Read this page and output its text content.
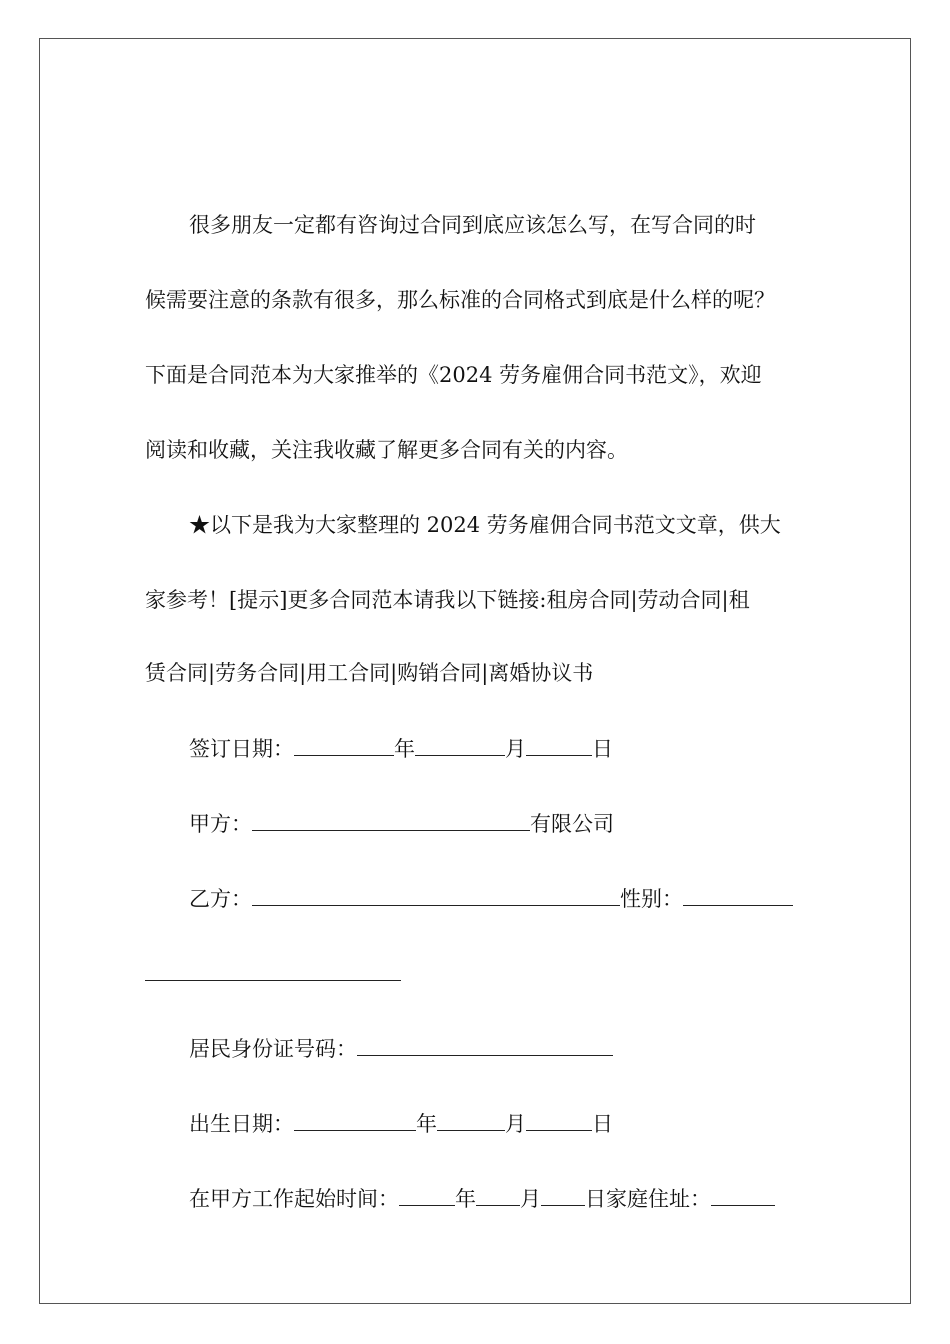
很多朋友一定都有咨询过合同到底应该怎么写，在写合同的时
候需要注意的条款有很多，那么标准的合同格式到底是什么样的呢？
下面是合同范本为大家推举的《2024 劳务雇佣合同书范文》，欢迎
阅读和收藏，关注我收藏了解更多合同有关的内容。
★以下是我为大家整理的 2024 劳务雇佣合同书范文文章，供大
家参考！[提示]更多合同范本请我以下链接:租房合同|劳动合同|租
赁合同|劳务合同|用工合同|购销合同|离婚协议书
签订日期：	年	月	日
甲方：	有限公司
乙方：	性别：
居民身份证号码：
出生日期：	年	月	日
在甲方工作起始时间：	年 月 日家庭住址：
